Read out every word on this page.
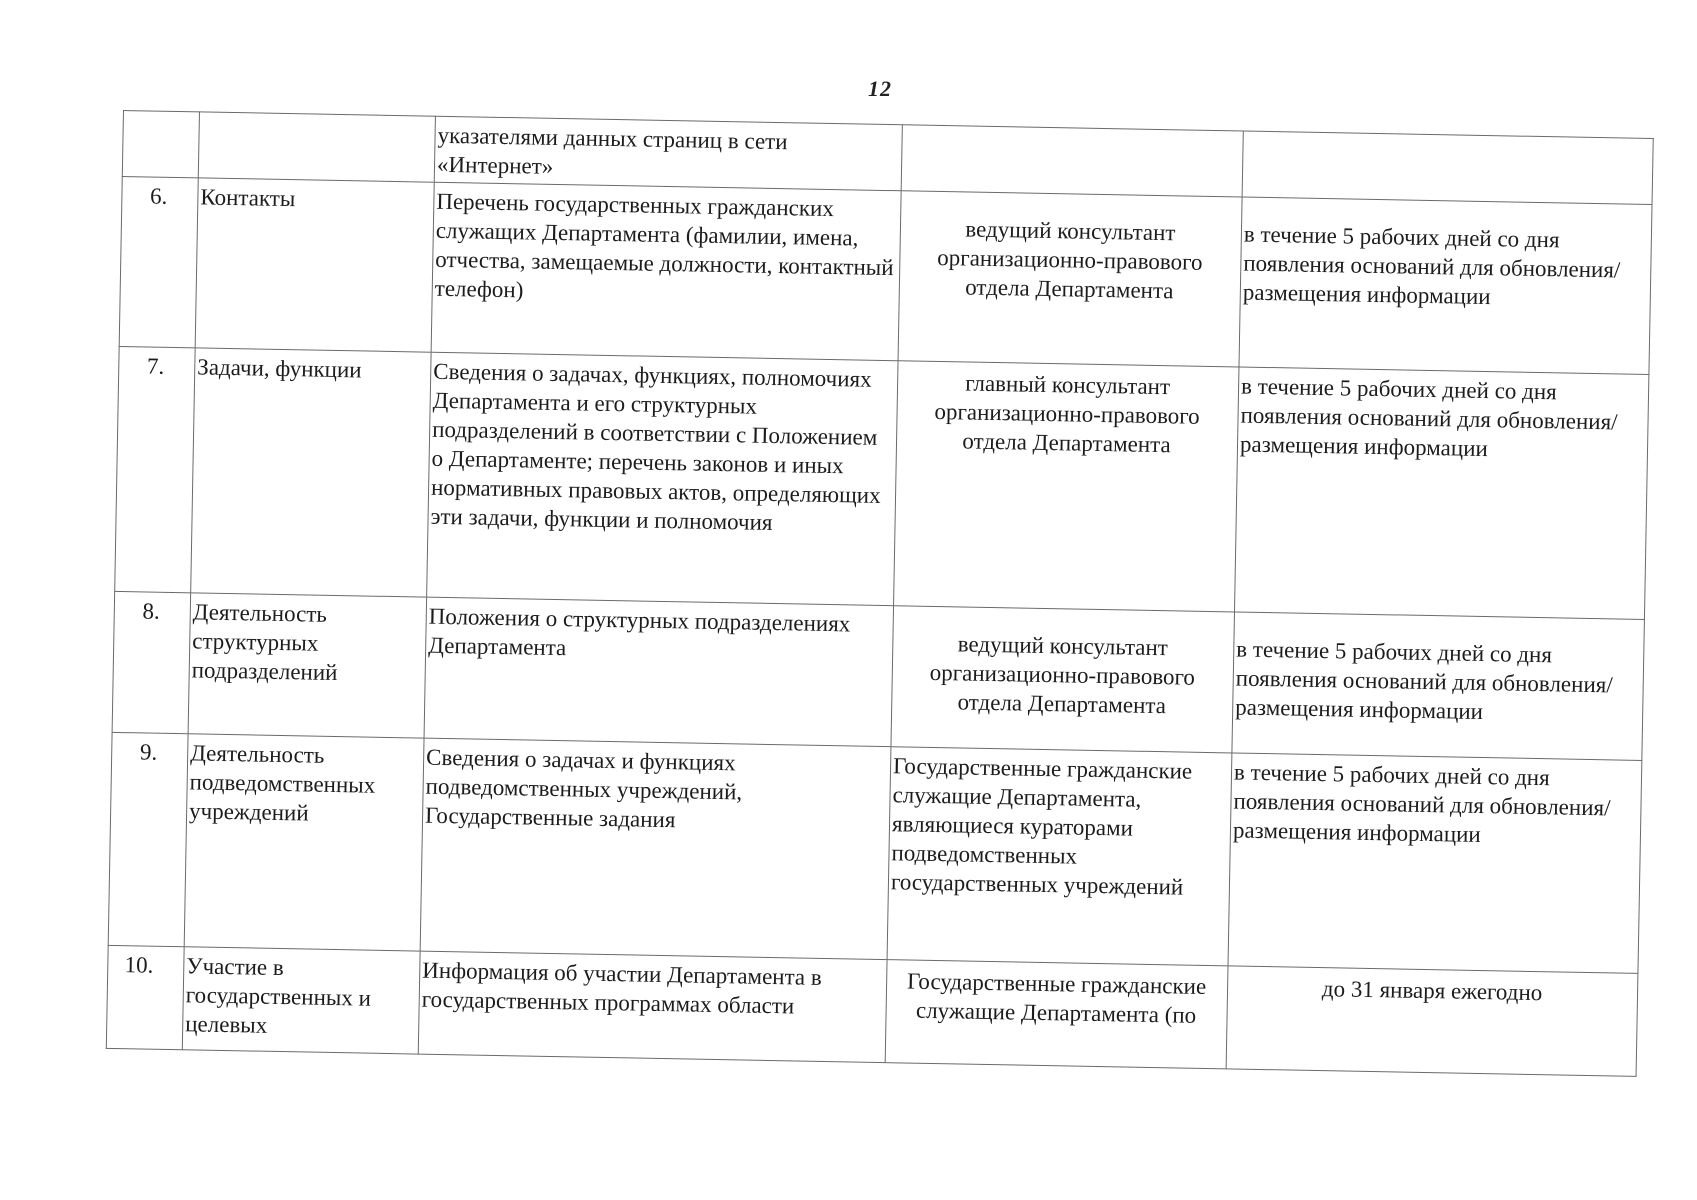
12
		указателями данных страниц в сети «Интернет»		
6.	Контакты	Перечень государственных гражданских служащих Департамента (фамилии, имена, отчества, замещаемые должности, контактный телефон)	ведущий консультант организационно-правового отдела Департамента	в течение 5 рабочих дней со дня появления оснований для обновления/размещения информации
7.	Задачи, функции	Сведения о задачах, функциях, полномочиях Департамента и его структурных подразделений в соответствии с Положением о Департаменте; перечень законов и иных нормативных правовых актов, определяющих эти задачи, функции и полномочия	главный консультант организационно-правового отдела Департамента	в течение 5 рабочих дней со дня появления оснований для обновления/размещения информации
8.	Деятельность структурных подразделений	Положения о структурных подразделениях Департамента	ведущий консультант организационно-правового отдела Департамента	в течение 5 рабочих дней со дня появления оснований для обновления/размещения информации
9.	Деятельность подведомственных учреждений	Сведения о задачах и функциях подведомственных учреждений, Государственные задания	Государственные гражданские служащие Департамента, являющиеся кураторами подведомственных государственных учреждений	в течение 5 рабочих дней со дня появления оснований для обновления/размещения информации
10.	Участие в государственных и целевых	Информация об участии Департамента в государственных программах области	Государственные гражданские служащие Департамента (по	до 31 января ежегодно
